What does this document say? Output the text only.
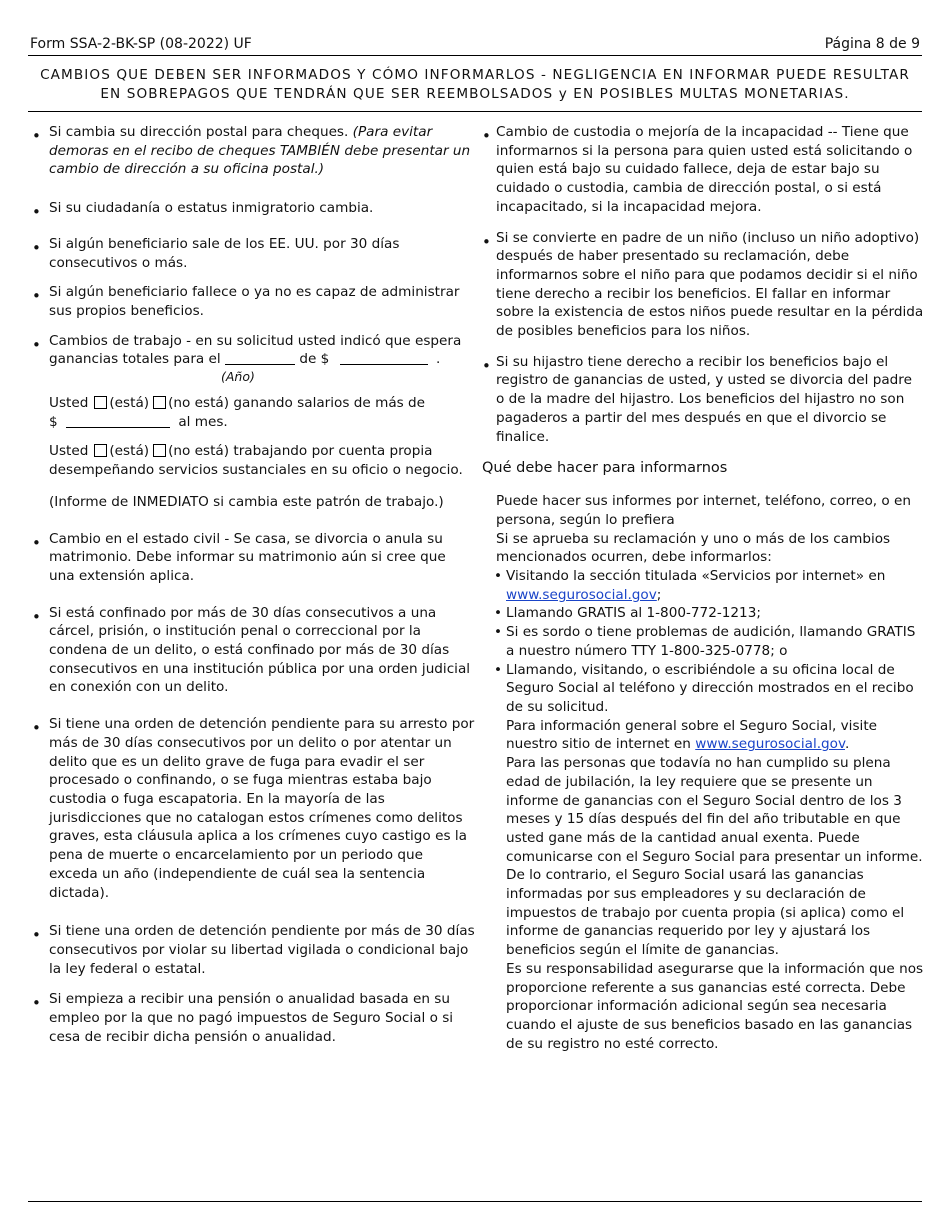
Form SSA-2-BK-SP (08-2022) UF	Página 8 de 9
CAMBIOS QUE DEBEN SER INFORMADOS Y CÓMO INFORMARLOS - NEGLIGENCIA EN INFORMAR PUEDE RESULTAR
EN SOBREPAGOS QUE TENDRÁN QUE SER REEMBOLSADOS y EN POSIBLES MULTAS MONETARIAS.
• Si cambia su dirección postal para cheques. (Para evitar demoras en el recibo de cheques TAMBIÉN debe presentar un cambio de dirección a su oficina postal.)
• Si su ciudadanía o estatus inmigratorio cambia.
• Si algún beneficiario sale de los EE. UU. por 30 días consecutivos o más.
• Si algún beneficiario fallece o ya no es capaz de administrar sus propios beneficios.
• Cambios de trabajo - en su solicitud usted indicó que espera
ganancias totales para el	de $	.
(Año)
Usted (está) (no está) ganando salarios de más de
$	al mes.
Usted (está) (no está) trabajando por cuenta propia
desempeñando servicios sustanciales en su oficio o negocio.
(Informe de INMEDIATO si cambia este patrón de trabajo.)
• Cambio en el estado civil - Se casa, se divorcia o anula su matrimonio. Debe informar su matrimonio aún si cree que una extensión aplica.
• Si está confinado por más de 30 días consecutivos a una cárcel, prisión, o institución penal o correccional por la condena de un delito, o está confinado por más de 30 días consecutivos en una institución pública por una orden judicial en conexión con un delito.
• Si tiene una orden de detención pendiente para su arresto por más de 30 días consecutivos por un delito o por atentar un delito que es un delito grave de fuga para evadir el ser procesado o confinando, o se fuga mientras estaba bajo custodia o fuga escapatoria. En la mayoría de las jurisdicciones que no catalogan estos crímenes como delitos graves, esta cláusula aplica a los crímenes cuyo castigo es la pena de muerte o encarcelamiento por un periodo que exceda un año (independiente de cuál sea la sentencia dictada).
• Si tiene una orden de detención pendiente por más de 30 días consecutivos por violar su libertad vigilada o condicional bajo la ley federal o estatal.
• Si empieza a recibir una pensión o anualidad basada en su empleo por la que no pagó impuestos de Seguro Social o si cesa de recibir dicha pensión o anualidad.
• Cambio de custodia o mejoría de la incapacidad -- Tiene que informarnos si la persona para quien usted está solicitando o quien está bajo su cuidado fallece, deja de estar bajo su cuidado o custodia, cambia de dirección postal, o si está incapacitado, si la incapacidad mejora.
• Si se convierte en padre de un niño (incluso un niño adoptivo) después de haber presentado su reclamación, debe informarnos sobre el niño para que podamos decidir si el niño tiene derecho a recibir los beneficios. El fallar en informar sobre la existencia de estos niños puede resultar en la pérdida de posibles beneficios para los niños.
• Si su hijastro tiene derecho a recibir los beneficios bajo el registro de ganancias de usted, y usted se divorcia del padre o de la madre del hijastro. Los beneficios del hijastro no son pagaderos a partir del mes después en que el divorcio se finalice.
Qué debe hacer para informarnos
Puede hacer sus informes por internet, teléfono, correo, o en persona, según lo prefiera
Si se aprueba su reclamación y uno o más de los cambios mencionados ocurren, debe informarlos:
• Visitando la sección titulada «Servicios por internet» en www.segurosocial.gov;
• Llamando GRATIS al 1-800-772-1213;
• Si es sordo o tiene problemas de audición, llamando GRATIS a nuestro número TTY 1-800-325-0778; o
• Llamando, visitando, o escribiéndole a su oficina local de Seguro Social al teléfono y dirección mostrados en el recibo de su solicitud.
Para información general sobre el Seguro Social, visite nuestro sitio de internet en www.segurosocial.gov.
Para las personas que todavía no han cumplido su plena edad de jubilación, la ley requiere que se presente un informe de ganancias con el Seguro Social dentro de los 3 meses y 15 días después del fin del año tributable en que usted gane más de la cantidad anual exenta. Puede comunicarse con el Seguro Social para presentar un informe. De lo contrario, el Seguro Social usará las ganancias informadas por sus empleadores y su declaración de impuestos de trabajo por cuenta propia (si aplica) como el informe de ganancias requerido por ley y ajustará los beneficios según el límite de ganancias.
Es su responsabilidad asegurarse que la información que nos proporcione referente a sus ganancias esté correcta. Debe proporcionar información adicional según sea necesaria cuando el ajuste de sus beneficios basado en las ganancias de su registro no esté correcto.
